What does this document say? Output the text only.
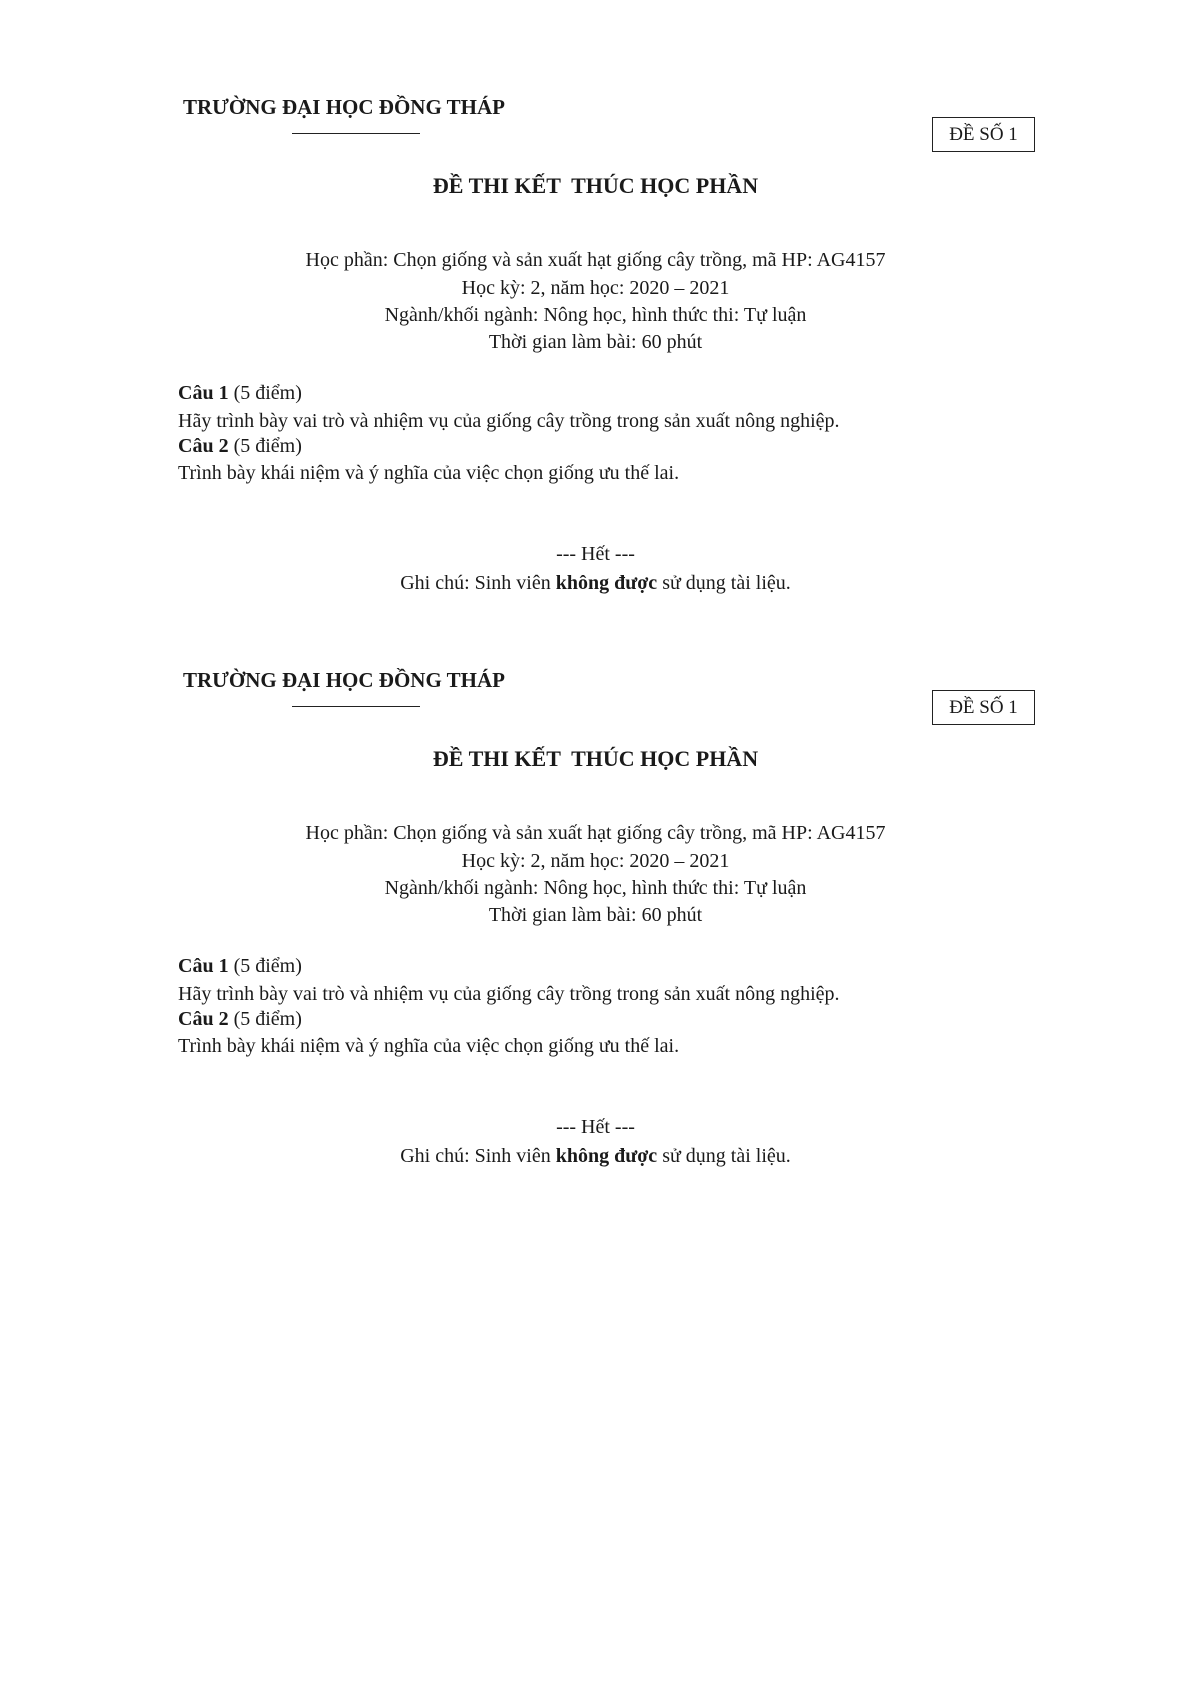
TRƯỜNG ĐẠI HỌC ĐỒNG THÁP
ĐỀ SỐ 1
ĐỀ THI KẾT  THÚC HỌC PHẦN
Học phần: Chọn giống và sản xuất hạt giống cây trồng, mã HP: AG4157
Học kỳ: 2, năm học: 2020 – 2021
Ngành/khối ngành: Nông học, hình thức thi: Tự luận
Thời gian làm bài: 60 phút
Câu 1 (5 điểm)
Hãy trình bày vai trò và nhiệm vụ của giống cây trồng trong sản xuất nông nghiệp.
Câu 2 (5 điểm)
Trình bày khái niệm và ý nghĩa của việc chọn giống ưu thế lai.
--- Hết ---
Ghi chú: Sinh viên không được sử dụng tài liệu.
TRƯỜNG ĐẠI HỌC ĐỒNG THÁP
ĐỀ SỐ 1
ĐỀ THI KẾT  THÚC HỌC PHẦN
Học phần: Chọn giống và sản xuất hạt giống cây trồng, mã HP: AG4157
Học kỳ: 2, năm học: 2020 – 2021
Ngành/khối ngành: Nông học, hình thức thi: Tự luận
Thời gian làm bài: 60 phút
Câu 1 (5 điểm)
Hãy trình bày vai trò và nhiệm vụ của giống cây trồng trong sản xuất nông nghiệp.
Câu 2 (5 điểm)
Trình bày khái niệm và ý nghĩa của việc chọn giống ưu thế lai.
--- Hết ---
Ghi chú: Sinh viên không được sử dụng tài liệu.
